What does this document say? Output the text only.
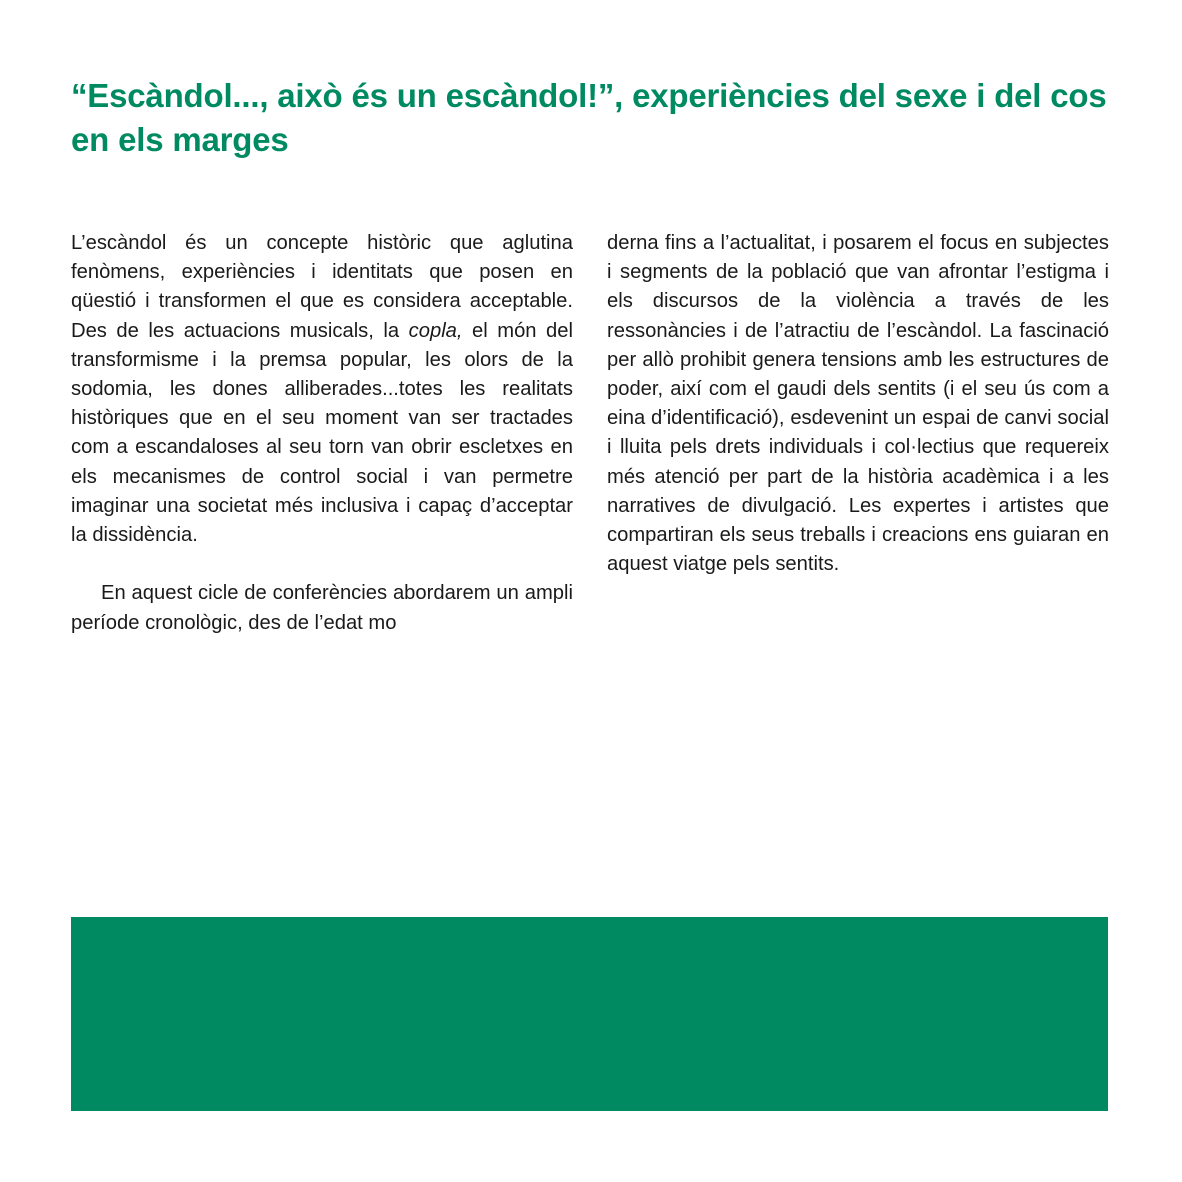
“Escàndol..., això és un escàndol!”, experiències del sexe i del cos en els marges

L’escàndol és un concepte històric que aglutina fenòmens, experiències i identitats que posen en qüestió i transformen el que es considera acceptable. Des de les actuacions musicals, la copla, el món del transformisme i la premsa popular, les olors de la sodomia, les dones alliberades...totes les realitats històriques que en el seu moment van ser tractades com a escandaloses al seu torn van obrir escletxes en els mecanismes de control social i van permetre imaginar una societat més inclusiva i capaç d’acceptar la dissidència.

En aquest cicle de conferències abordarem un ampli període cronològic, des de l’edat mo

derna fins a l’actualitat, i posarem el focus en subjectes i segments de la població que van afrontar l’estigma i els discursos de la violència a través de les ressonàncies i de l’atractiu de l’escàndol. La fascinació per allò prohibit genera tensions amb les estructures de poder, així com el gaudi dels sentits (i el seu ús com a eina d’identificació), esdevenint un espai de canvi social i lluita pels drets individuals i col·lectius que requereix més atenció per part de la història acadèmica i a les narratives de divulgació. Les expertes i artistes que compartiran els seus treballs i creacions ens guiaran en aquest viatge pels sentits.
